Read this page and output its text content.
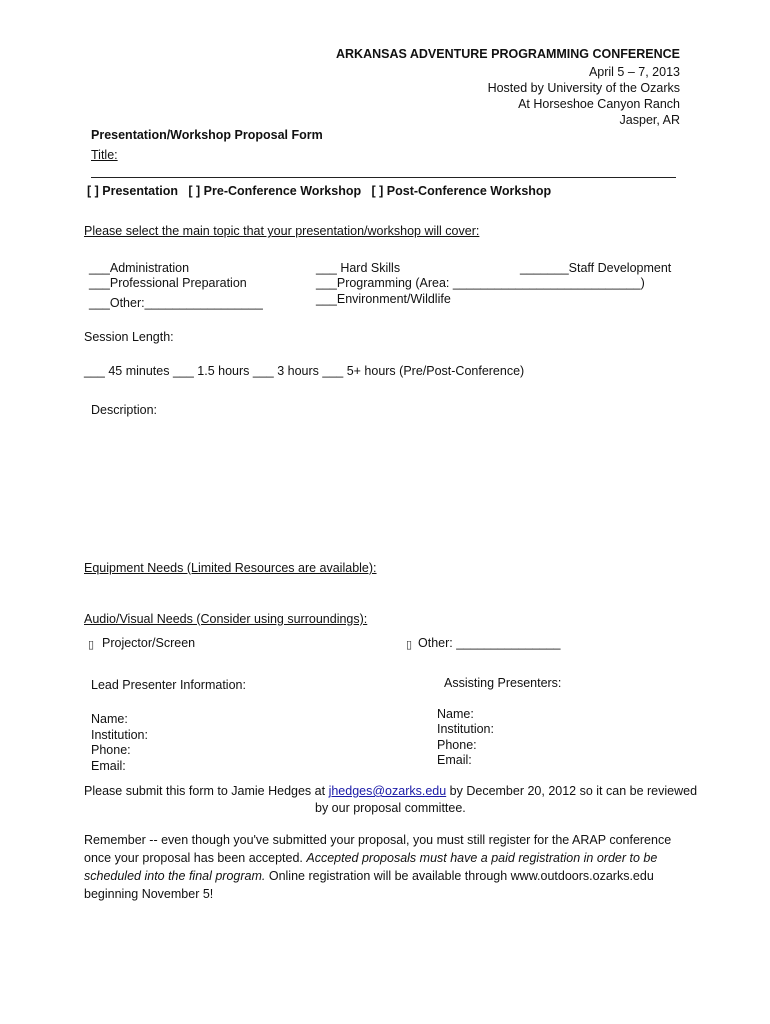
ARKANSAS ADVENTURE PROGRAMMING CONFERENCE
April 5 – 7, 2013
Hosted by University of the Ozarks
At Horseshoe Canyon Ranch
Jasper, AR
Presentation/Workshop Proposal Form
Title:
[ ] Presentation   [ ] Pre-Conference Workshop   [ ] Post-Conference Workshop
Please select the main topic that your presentation/workshop will cover:
___Administration
___Professional Preparation
___Other:_________________
___ Hard Skills
___Programming (Area: ___________________________)
___Environment/Wildlife
_______Staff Development
Session Length:
___ 45 minutes ___ 1.5 hours ___ 3 hours ___ 5+ hours (Pre/Post-Conference)
Description:
Equipment Needs (Limited Resources are available):
Audio/Visual Needs (Consider using surroundings):
▯ Projector/Screen	▯ Other: _______________
Lead Presenter Information:	Assisting Presenters:
Name:
Institution:
Phone:
Email:
Name:
Institution:
Phone:
Email:
Please submit this form to Jamie Hedges at jhedges@ozarks.edu by December 20, 2012 so it can be reviewed
by our proposal committee.
Remember -- even though you've submitted your proposal, you must still register for the ARAP conference
once your proposal has been accepted. Accepted proposals must have a paid registration in order to be
scheduled into the final program. Online registration will be available through www.outdoors.ozarks.edu
beginning November 5!
